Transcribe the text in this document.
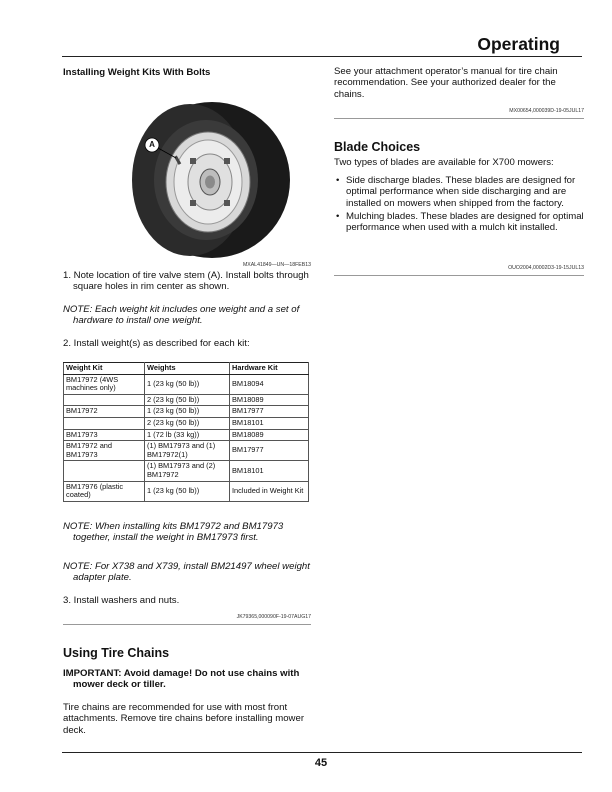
Operating
Installing Weight Kits With Bolts
A
MXAL41849—UN—18FEB13

1. Note location of tire valve stem (A). Install bolts through square holes in rim center as shown.

NOTE: Each weight kit includes one weight and a set of hardware to install one weight.

2. Install weight(s) as described for each kit:

Weight Kit	Weights	Hardware Kit
BM17972 (4WS machines only)	1 (23 kg (50 lb))	BM18094
	2 (23 kg (50 lb))	BM18089
BM17972	1 (23 kg (50 lb))	BM17977
	2 (23 kg (50 lb))	BM18101
BM17973	1 (72 lb (33 kg))	BM18089
BM17972 and BM17973	(1) BM17973 and (1) BM17972(1)	BM17977
	(1) BM17973 and (2) BM17972	BM18101
BM17976 (plastic coated)	1 (23 kg (50 lb))	Included in Weight Kit

NOTE: When installing kits BM17972 and BM17973 together, install the weight in BM17973 first.

NOTE: For X738 and X739, install BM21497 wheel weight adapter plate.

3. Install washers and nuts.

JK79365,000090F-19-07AUG17
Using Tire Chains

IMPORTANT: Avoid damage! Do not use chains with mower deck or tiller.

Tire chains are recommended for use with most front attachments. Remove tire chains before installing mower deck.

See your attachment operator’s manual for tire chain recommendation. See your authorized dealer for the chains.

MX00654,000039D-19-05JUL17
Blade Choices

Two types of blades are available for X700 mowers:

• Side discharge blades. These blades are designed for optimal performance when side discharging and are installed on mowers when shipped from the factory.
• Mulching blades. These blades are designed for optimal performance when used with a mulch kit installed.
OUO2004,00002D3-19-15JUL13
45
